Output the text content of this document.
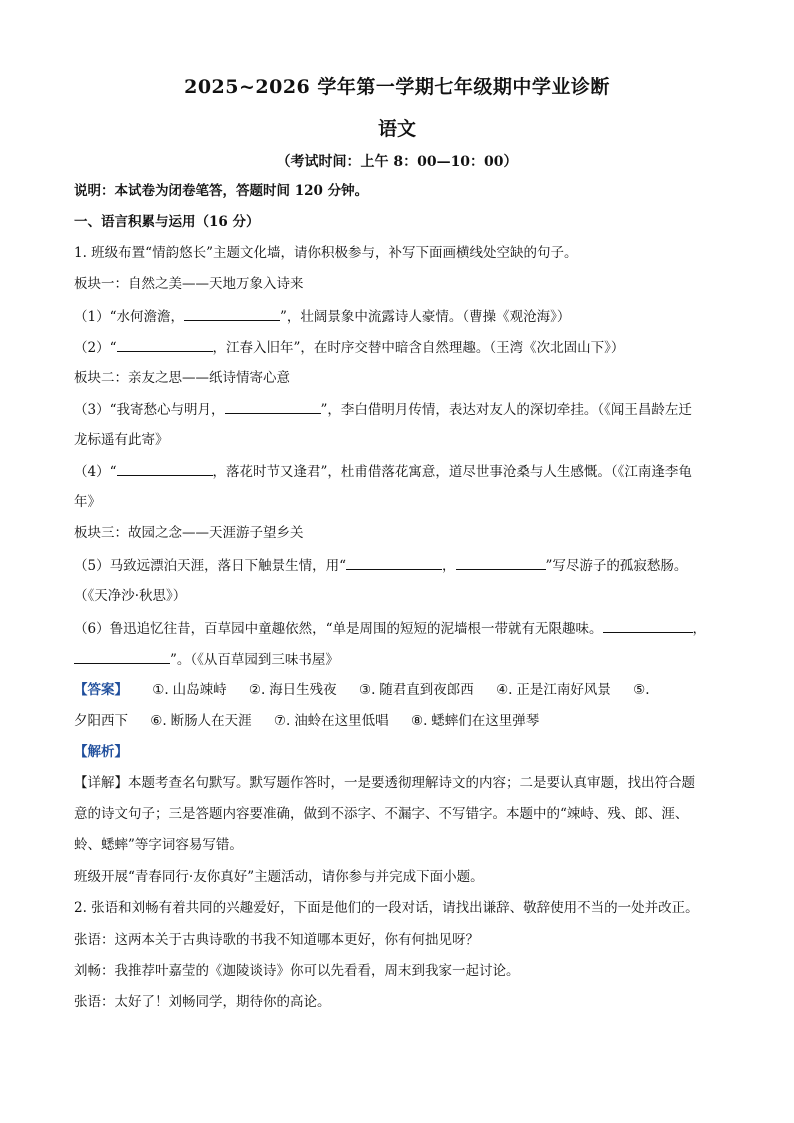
2025~2026 学年第一学期七年级期中学业诊断
语文
（考试时间：上午 8：00—10：00）
说明：本试卷为闭卷笔答，答题时间 120 分钟。
一、语言积累与运用（16 分）
1. 班级布置“情韵悠长”主题文化墙，请你积极参与，补写下面画横线处空缺的句子。
板块一：自然之美——天地万象入诗来
（1）“水何澹澹，	”，壮阔景象中流露诗人豪情。（曹操《观沧海》）
（2）“	，江春入旧年”，在时序交替中暗含自然理趣。（王湾《次北固山下》）
板块二：亲友之思——纸诗情寄心意
（3）“我寄愁心与明月，	”，李白借明月传情，表达对友人的深切牵挂。（《闻王昌龄左迁
龙标遥有此寄》
（4）“	，落花时节又逢君”，杜甫借落花寓意，道尽世事沧桑与人生感慨。（《江南逢李龟
年》
板块三：故园之念——天涯游子望乡关
（5）马致远漂泊天涯，落日下触景生情，用“	，	”写尽游子的孤寂愁肠。
（《天净沙·秋思》）
（6）鲁迅追忆往昔，百草园中童趣依然，“单是周围的短短的泥墙根一带就有无限趣味。	，
”。（《从百草园到三味书屋》
【答案】 ①. 山岛竦峙 ②. 海日生残夜 ③. 随君直到夜郎西 ④. 正是江南好风景 ⑤.
夕阳西下 ⑥. 断肠人在天涯 ⑦. 油蛉在这里低唱 ⑧. 蟋蟀们在这里弹琴
【解析】
【详解】本题考查名句默写。默写题作答时，一是要透彻理解诗文的内容；二是要认真审题，找出符合题
意的诗文句子；三是答题内容要准确，做到不添字、不漏字、不写错字。本题中的“竦峙、残、郎、涯、
蛉、蟋蟀”等字词容易写错。
班级开展“青春同行·友你真好”主题活动，请你参与并完成下面小题。
2. 张语和刘畅有着共同的兴趣爱好，下面是他们的一段对话，请找出谦辞、敬辞使用不当的一处并改正。
张语：这两本关于古典诗歌的书我不知道哪本更好，你有何拙见呀？
刘畅：我推荐叶嘉莹的《迦陵谈诗》你可以先看看，周末到我家一起讨论。
张语：太好了！刘畅同学，期待你的高论。
